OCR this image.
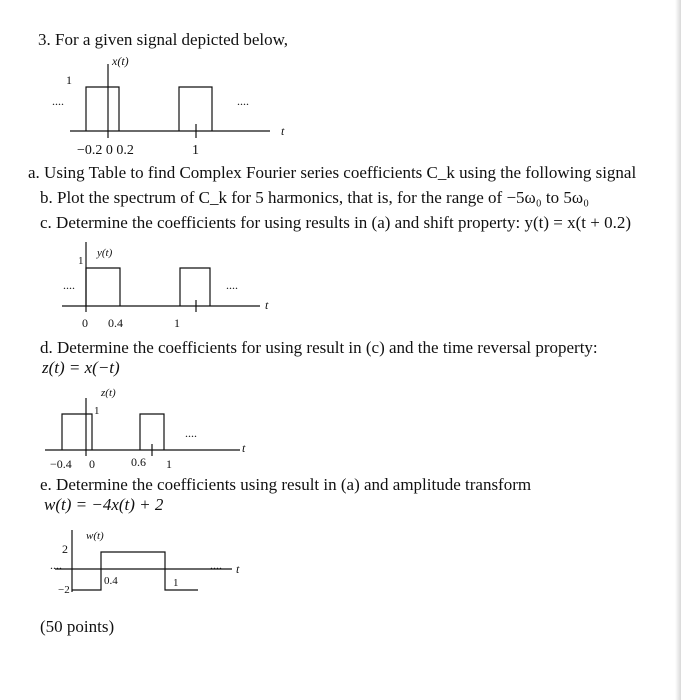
3. For a given signal depicted below,
x(t)
1
....	....
t
−0.2 0 0.2	1
a. Using Table to find Complex Fourier series coefficients C_k using the following signal
b. Plot the spectrum of C_k for 5 harmonics, that is, for the range of −5ω₀ to 5ω₀
c. Determine the coefficients for using results in (a) and shift property: y(t) = x(t + 0.2)
y(t)
1
....	....
t
0 0.4	1
d. Determine the coefficients for using result in (c) and the time reversal property:
z(t) = x(−t)
z(t)
1
....
t
−0.4 0	0.6 1
e. Determine the coefficients using result in (a) and amplitude transform
w(t) = −4x(t) + 2
w(t)
2
−2
....	.... t
0.4	1
(50 points)
